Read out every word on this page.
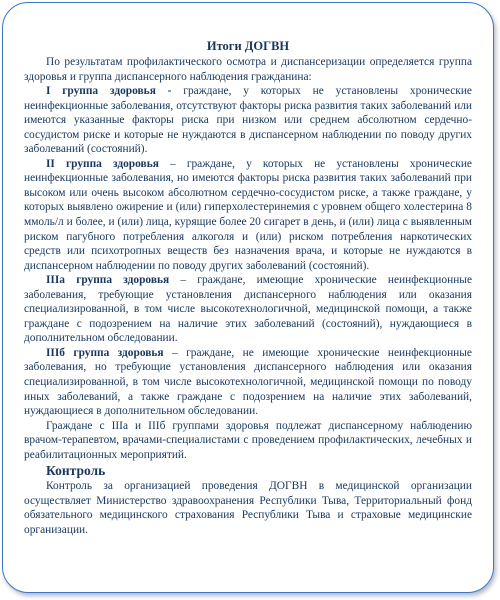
Итоги ДОГВН

По результатам профилактического осмотра и диспансеризации определяется группа здоровья и группа диспансерного наблюдения гражданина:

I группа здоровья - граждане, у которых не установлены хронические неинфекционные заболевания, отсутствуют факторы риска развития таких заболеваний или имеются указанные факторы риска при низком или среднем абсолютном сердечно-сосудистом риске и которые не нуждаются в диспансерном наблюдении по поводу других заболеваний (состояний).

II группа здоровья – граждане, у которых не установлены хронические неинфекционные заболевания, но имеются факторы риска развития таких заболеваний при высоком или очень высоком абсолютном сердечно-сосудистом риске, а также граждане, у которых выявлено ожирение и (или) гиперхолестеринемия с уровнем общего холестерина 8 ммоль/л и более, и (или) лица, курящие более 20 сигарет в день, и (или) лица с выявленным риском пагубного потребления алкоголя и (или) риском потребления наркотических средств или психотропных веществ без назначения врача, и которые не нуждаются в диспансерном наблюдении по поводу других заболеваний (состояний).

IIIа группа здоровья – граждане, имеющие хронические неинфекционные заболевания, требующие установления диспансерного наблюдения или оказания специализированной, в том числе высокотехнологичной, медицинской помощи, а также граждане с подозрением на наличие этих заболеваний (состояний), нуждающиеся в дополнительном обследовании.

IIIб группа здоровья – граждане, не имеющие хронические неинфекционные заболевания, но требующие установления диспансерного наблюдения или оказания специализированной, в том числе высокотехнологичной, медицинской помощи по поводу иных заболеваний, а также граждане с подозрением на наличие этих заболеваний, нуждающиеся в дополнительном обследовании.

Граждане с IIIа и IIIб группами здоровья подлежат диспансерному наблюдению врачом-терапевтом, врачами-специалистами с проведением профилактических, лечебных и реабилитационных мероприятий.

Контроль

Контроль за организацией проведения ДОГВН в медицинской организации осуществляет Министерство здравоохранения Республики Тыва, Территориальный фонд обязательного медицинского страхования Республики Тыва и страховые медицинские организации.
